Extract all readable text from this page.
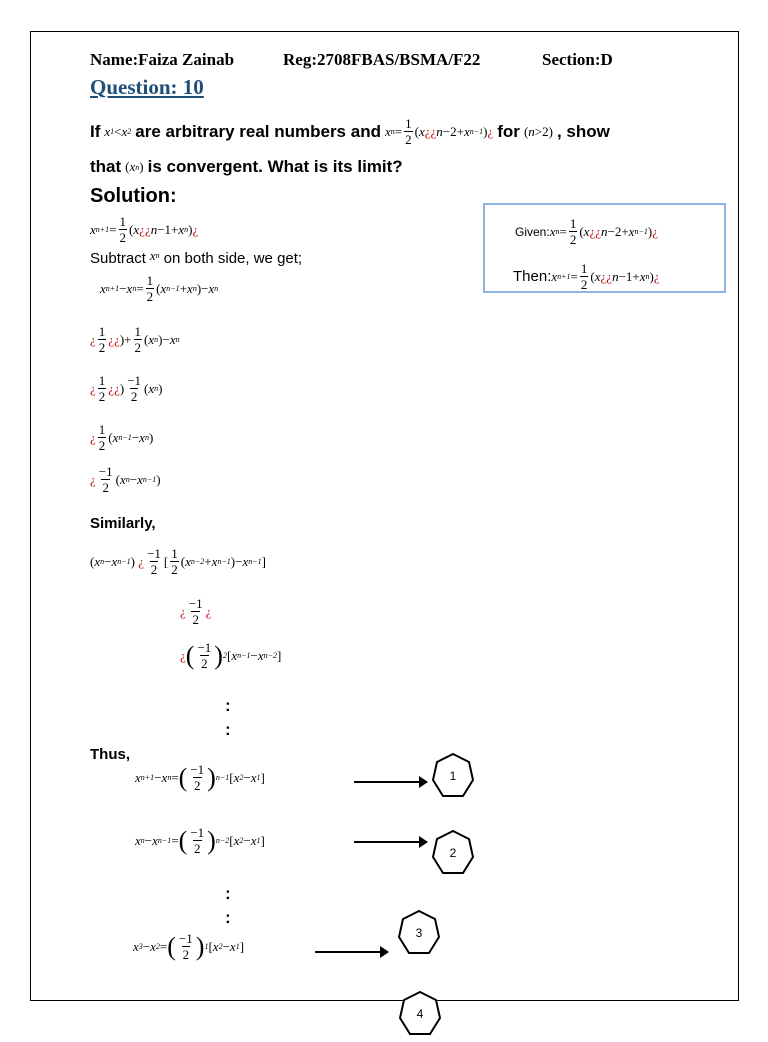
Name:Faiza Zainab	Reg:2708FBAS/BSMA/F22	Section:D
Question: 10
If x 1 < x 2 are arbitrary real numbers and x $n = \frac{1}{2}$ ( x ¿ ¿ n −2+ x n−1 ) ¿ for ( n >2) , show
that ( x n ) is convergent. What is its limit?
Solution:
x $n+1 = \frac{1}{2}$ ( x ¿ ¿ n −1+ x n ) ¿
Subtract x n on both side, we get;
x n+1 − x $n = \frac{1}{2}$ ( x n−1 + x n )− x n
¿ $\frac{1}{2}$ ¿ ¿ )+ $\frac{1}{2}$ ( x n )− x n
¿ $\frac{1}{2}$ ¿ ¿ ) $\frac{-1}{2}$ ( x n )
¿ $\frac{1}{2}$ ( x n−1 − x n )
¿ $\frac{-1}{2}$ ( x n − x n−1 )
Similarly,
( x n − x n−1 )
¿ $\frac{-1}{2}$ [ $\frac{1}{2}$ ( x n−2 + x n−1 )− x n−1 ]
¿ $\frac{-1}{2}$ ¿
¿ ( $\frac{-1}{2}$ ) 2 [ x n−1 − x n−2 ]
:
:
Thus,
x n+1 − x n = ( $\frac{-1}{2}$ ) n−1 [ x 2 − x 1 ]
x n − x n−1 = ( $\frac{-1}{2}$ ) n−2 [ x 2 − x 1 ]
:
:
x 3 − x 2 = ( $\frac{-1}{2}$ ) 1 [ x 2 − x 1 ]
1
2
3
4
Given: x $n = \frac{1}{2}$ ( x ¿ ¿ n −2+ x n−1 ) ¿
Then: x $n+1 = \frac{1}{2}$ ( x ¿ ¿ n −1+ x n ) ¿
